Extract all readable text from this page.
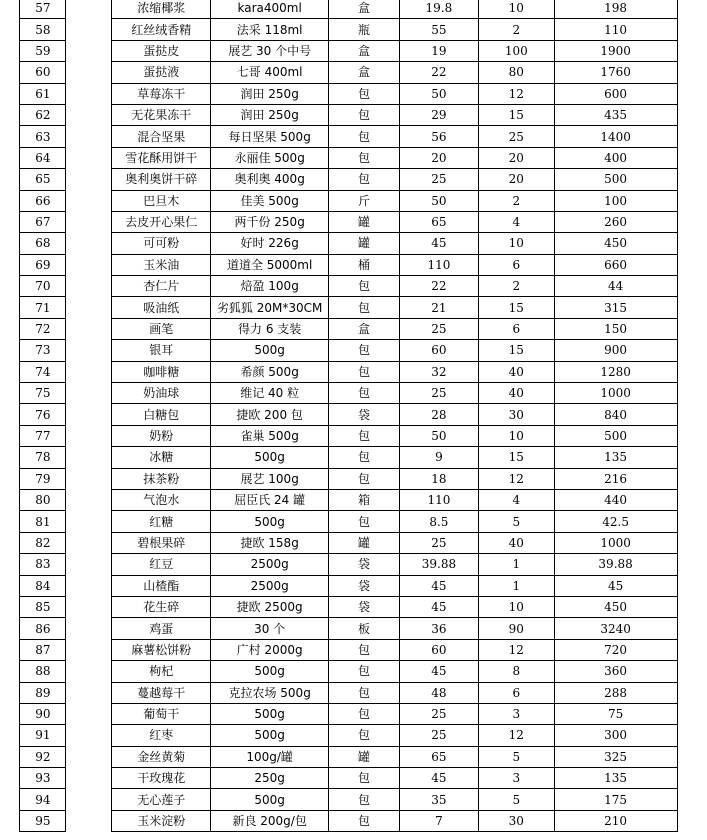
	57		浓缩椰浆	kara400ml	盒	19.8	10	198	
	58		红丝绒香精	法采 118ml	瓶	55	2	110	
	59		蛋挞皮	展艺 30 个中号	盒	19	100	1900	
	60		蛋挞液	七哥 400ml	盒	22	80	1760	
	61		草莓冻干	润田 250g	包	50	12	600	
	62		无花果冻干	润田 250g	包	29	15	435	
	63		混合坚果	每日坚果 500g	包	56	25	1400	
	64		雪花酥用饼干	永丽佳 500g	包	20	20	400	
	65		奥利奥饼干碎	奥利奥 400g	包	25	20	500	
	66		巴旦木	佳美 500g	斤	50	2	100	
	67		去皮开心果仁	两千份 250g	罐	65	4	260	
	68		可可粉	好时 226g	罐	45	10	450	
	69		玉米油	道道全 5000ml	桶	110	6	660	
	70		杏仁片	焙盈 100g	包	22	2	44	
	71		吸油纸	劣狐狐 20M*30CM	包	21	15	315	
	72		画笔	得力 6 支装	盒	25	6	150	
	73		银耳	500g	包	60	15	900	
	74		咖啡糖	希颜 500g	包	32	40	1280	
	75		奶油球	维记 40 粒	包	25	40	1000	
	76		白糖包	捷欧 200 包	袋	28	30	840	
	77		奶粉	雀巢 500g	包	50	10	500	
	78		冰糖	500g	包	9	15	135	
	79		抹茶粉	展艺 100g	包	18	12	216	
	80		气泡水	屈臣氏 24 罐	箱	110	4	440	
	81		红糖	500g	包	8.5	5	42.5	
	82		碧根果碎	捷欧 158g	罐	25	40	1000	
	83		红豆	2500g	袋	39.88	1	39.88	
	84		山楂酯	2500g	袋	45	1	45	
	85		花生碎	捷欧 2500g	袋	45	10	450	
	86		鸡蛋	30 个	板	36	90	3240	
	87		麻薯松饼粉	广村 2000g	包	60	12	720	
	88		枸杞	500g	包	45	8	360	
	89		蔓越莓干	克拉农场 500g	包	48	6	288	
	90		葡萄干	500g	包	25	3	75	
	91		红枣	500g	包	25	12	300	
	92		金丝黄菊	100g/罐	罐	65	5	325	
	93		干玫瑰花	250g	包	45	3	135	
	94		无心莲子	500g	包	35	5	175	
	95		玉米淀粉	新良 200g/包	包	7	30	210	
